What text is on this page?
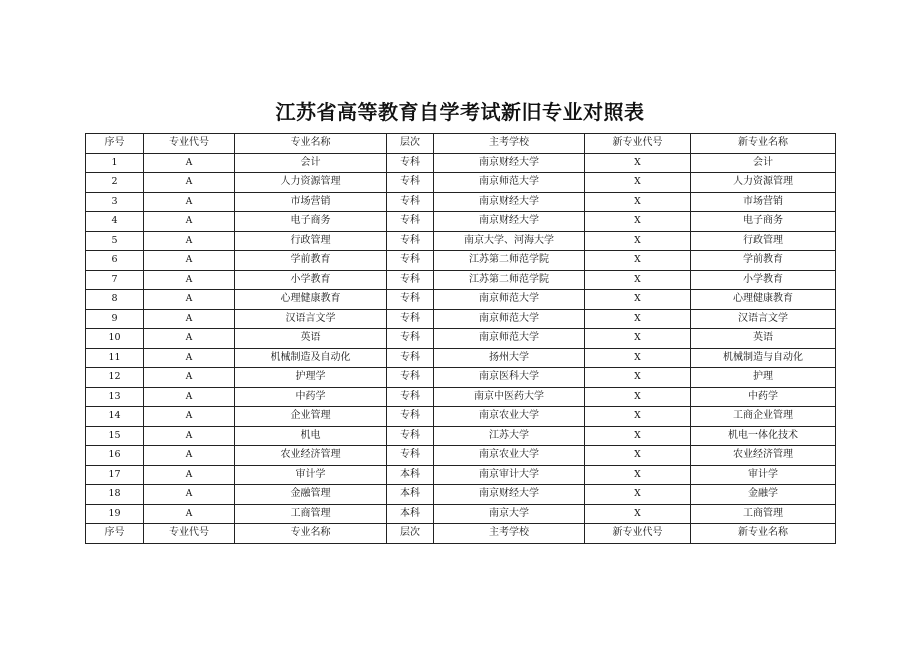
江苏省高等教育自学考试新旧专业对照表
序号	专业代号	专业名称	层次	主考学校	新专业代号	新专业名称
1	A	会计	专科	南京财经大学	X	会计
2	A	人力资源管理	专科	南京师范大学	X	人力资源管理
3	A	市场营销	专科	南京财经大学	X	市场营销
4	A	电子商务	专科	南京财经大学	X	电子商务
5	A	行政管理	专科	南京大学、河海大学	X	行政管理
6	A	学前教育	专科	江苏第二师范学院	X	学前教育
7	A	小学教育	专科	江苏第二师范学院	X	小学教育
8	A	心理健康教育	专科	南京师范大学	X	心理健康教育
9	A	汉语言文学	专科	南京师范大学	X	汉语言文学
10	A	英语	专科	南京师范大学	X	英语
11	A	机械制造及自动化	专科	扬州大学	X	机械制造与自动化
12	A	护理学	专科	南京医科大学	X	护理
13	A	中药学	专科	南京中医药大学	X	中药学
14	A	企业管理	专科	南京农业大学	X	工商企业管理
15	A	机电	专科	江苏大学	X	机电一体化技术
16	A	农业经济管理	专科	南京农业大学	X	农业经济管理
17	A	审计学	本科	南京审计大学	X	审计学
18	A	金融管理	本科	南京财经大学	X	金融学
19	A	工商管理	本科	南京大学	X	工商管理
序号	专业代号	专业名称	层次	主考学校	新专业代号	新专业名称
